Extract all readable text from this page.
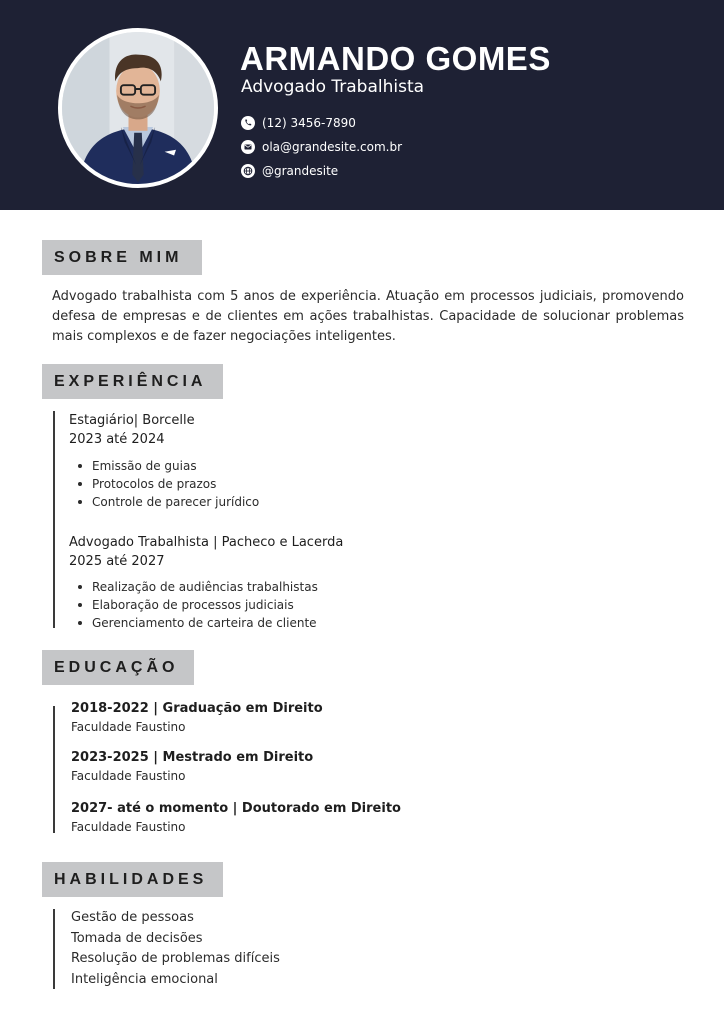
ARMANDO GOMES
Advogado Trabalhista
(12) 3456-7890
ola@grandesite.com.br
@grandesite
SOBRE MIM

Advogado trabalhista com 5 anos de experiência. Atuação em processos judiciais, promovendo defesa de empresas e de clientes em ações trabalhistas. Capacidade de solucionar problemas mais complexos e de fazer negociações inteligentes.

EXPERIÊNCIA
Estagiário| Borcelle
2023 até 2024
Emissão de guias
Protocolos de prazos
Controle de parecer jurídico
Advogado Trabalhista | Pacheco e Lacerda
2025 até 2027
Realização de audiências trabalhistas
Elaboração de processos judiciais
Gerenciamento de carteira de cliente
EDUCAÇÃO
2018-2022 | Graduação em Direito
Faculdade Faustino
2023-2025 | Mestrado em Direito
Faculdade Faustino
2027- até o momento | Doutorado em Direito
Faculdade Faustino
HABILIDADES
Gestão de pessoas
Tomada de decisões
Resolução de problemas difíceis
Inteligência emocional
